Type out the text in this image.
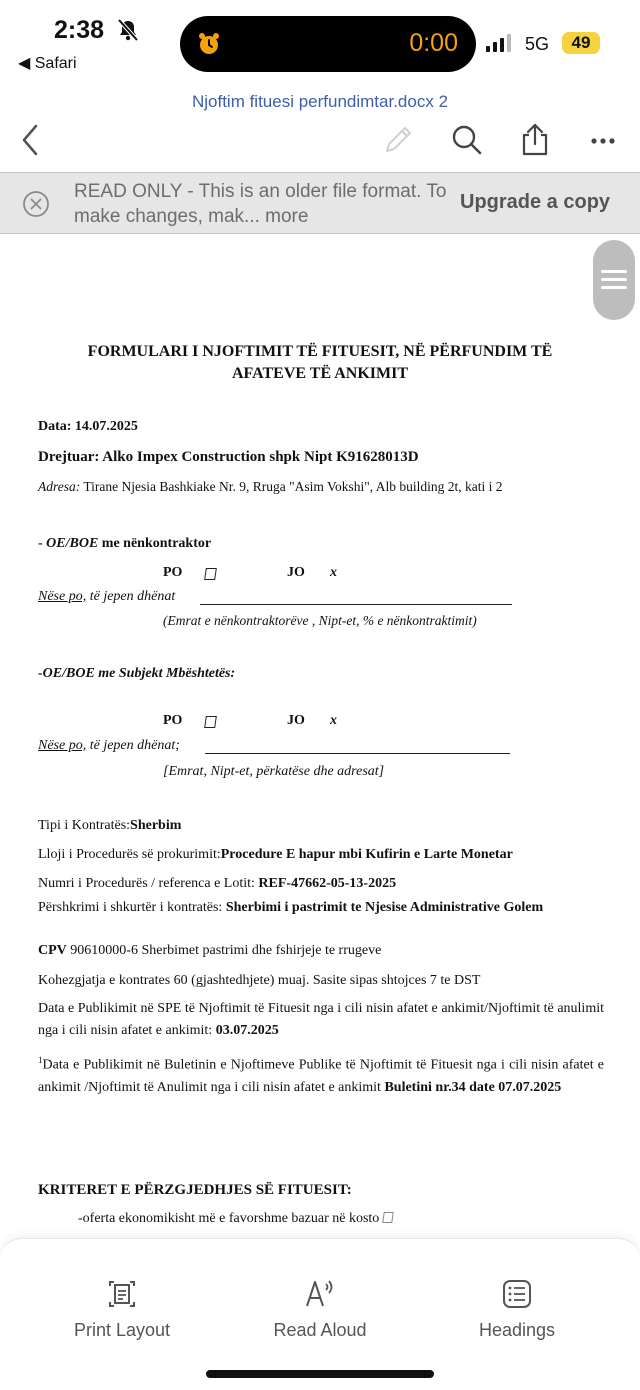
2:38
◀ Safari
0:00	5G	49
Njoftim fituesi perfundimtar.docx 2
READ ONLY - This is an older file format. To make changes, mak... more
Upgrade a copy
FORMULARI I NJOFTIMIT TË FITUESIT, NË PËRFUNDIM TË
AFATEVE TË ANKIMIT
Data: 14.07.2025
Drejtuar: Alko Impex Construction shpk Nipt K91628013D
Adresa: Tirane Njesia Bashkiake Nr. 9, Rruga "Asim Vokshi", Alb building 2t, kati i 2
- OE/BOE me nënkontraktor
PO	JO x
Nëse po, të jepen dhënat
(Emrat e nënkontraktorëve , Nipt-et, % e nënkontraktimit)
-OE/BOE me Subjekt Mbështetës:
PO	JO x
Nëse po, të jepen dhënat;
[Emrat, Nipt-et, përkatëse dhe adresat]
Tipi i Kontratës:Sherbim
Lloji i Procedurës së prokurimit:Procedure E hapur mbi Kufirin e Larte Monetar
Numri i Procedurës / referenca e Lotit: REF-47662-05-13-2025
Përshkrimi i shkurtër i kontratës: Sherbimi i pastrimit te Njesise Administrative Golem
CPV 90610000-6 Sherbimet pastrimi dhe fshirjeje te rrugeve
Kohezgjatja e kontrates 60 (gjashtedhjete) muaj. Sasite sipas shtojces 7 te DST
Data e Publikimit në SPE të Njoftimit të Fituesit nga i cili nisin afatet e ankimit/Njoftimit të anulimit nga i cili nisin afatet e ankimit: 03.07.2025
$^1$Data e Publikimit në Buletinin e Njoftimeve Publike të Njoftimit të Fituesit nga i cili nisin afatet e ankimit /Njoftimit të Anulimit nga i cili nisin afatet e ankimit Buletini nr.34 date 07.07.2025
KRITERET E PËRZGJEDHJES SË FITUESIT:
-oferta ekonomikisht më e favorshme bazuar në kosto
Print Layout	Read Aloud	Headings
